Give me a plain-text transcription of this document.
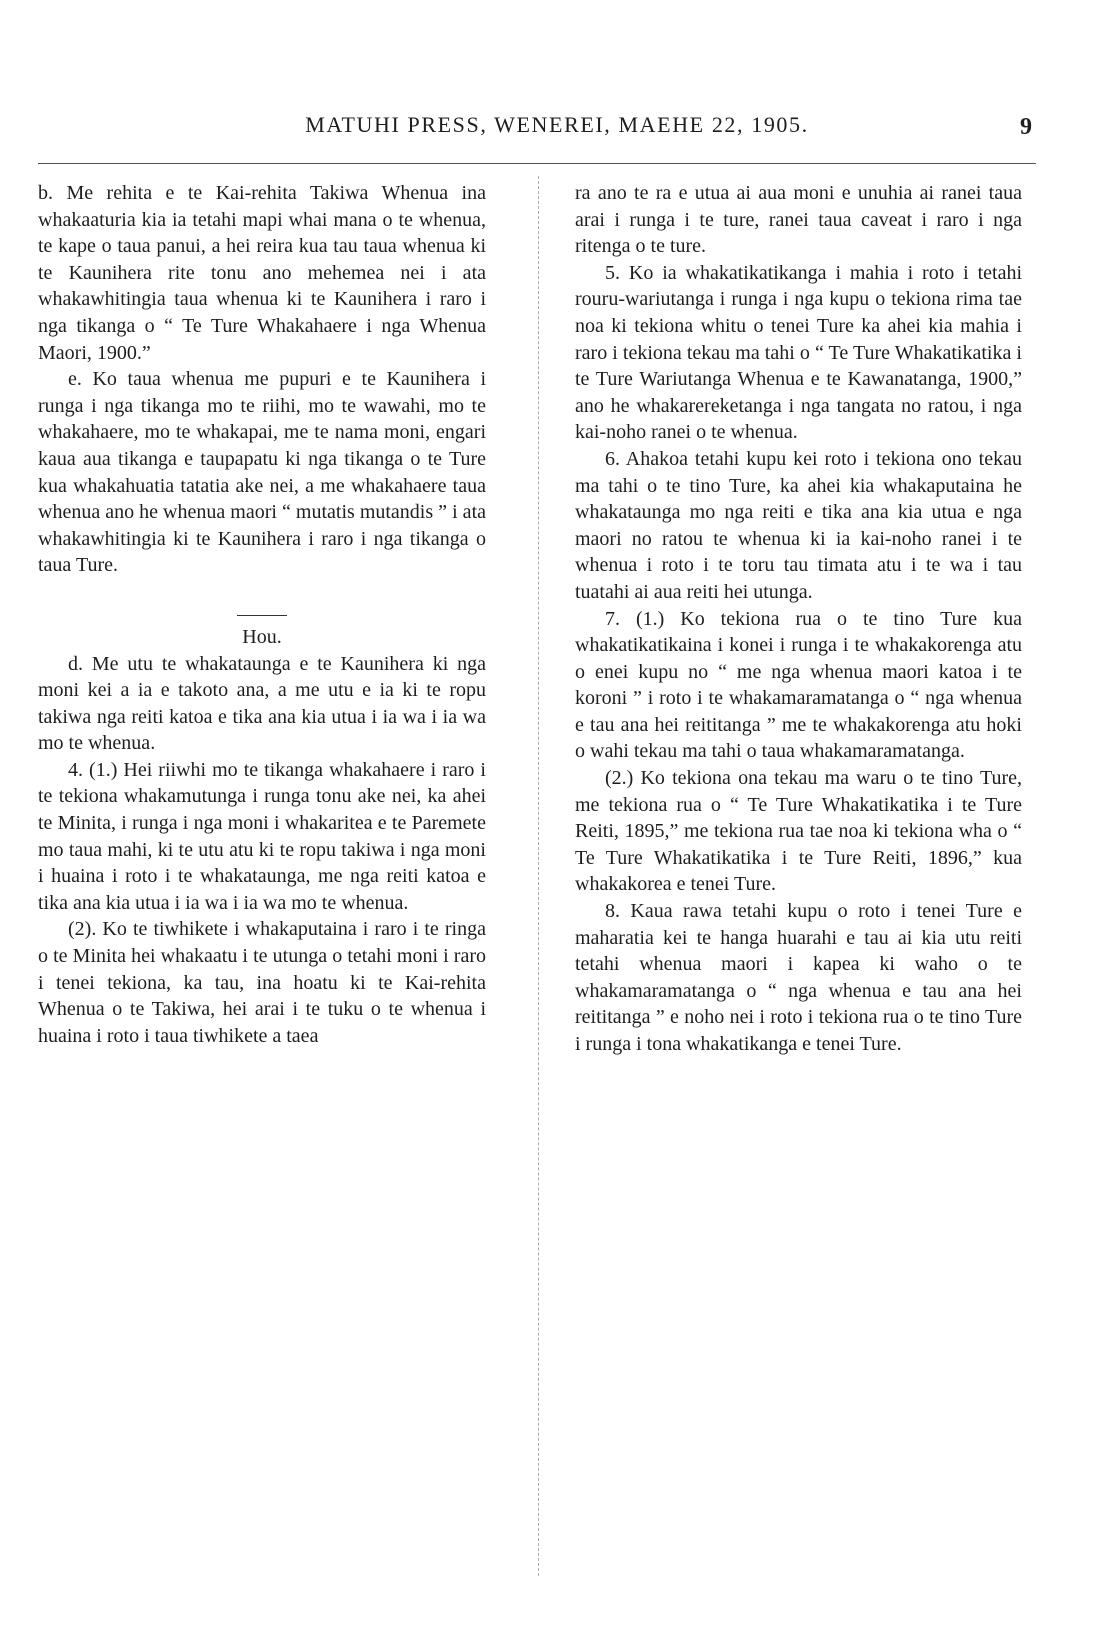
MATUHI PRESS, WENEREI, MAEHE 22, 1905.	9

b. Me rehita e te Kai-rehita Takiwa Whenua ina whakaaturia kia ia tetahi mapi whai mana o te whenua, te kape o taua panui, a hei reira kua tau taua whenua ki te Kaunihera rite tonu ano mehemea nei i ata whakawhitingia taua whenua ki te Kaunihera i raro i nga tikanga o “ Te Ture Whakahaere i nga Whenua Maori, 1900.”

e. Ko taua whenua me pupuri e te Kaunihera i runga i nga tikanga mo te riihi, mo te wawahi, mo te whakahaere, mo te whakapai, me te nama moni, engari kaua aua tikanga e taupapatu ki nga tikanga o te Ture kua whakahuatia tatatia ake nei, a me whakahaere taua whenua ano he whenua maori “ mutatis mutandis ” i ata whakawhitingia ki te Kaunihera i raro i nga tikanga o taua Ture.

Hou.

d. Me utu te whakataunga e te Kaunihera ki nga moni kei a ia e takoto ana, a me utu e ia ki te ropu takiwa nga reiti katoa e tika ana kia utua i ia wa i ia wa mo te whenua.

4. (1.) Hei riiwhi mo te tikanga whakahaere i raro i te tekiona whakamutunga i runga tonu ake nei, ka ahei te Minita, i runga i nga moni i whakaritea e te Paremete mo taua mahi, ki te utu atu ki te ropu takiwa i nga moni i huaina i roto i te whakataunga, me nga reiti katoa e tika ana kia utua i ia wa i ia wa mo te whenua.

(2). Ko te tiwhikete i whakaputaina i raro i te ringa o te Minita hei whakaatu i te utunga o tetahi moni i raro i tenei tekiona, ka tau, ina hoatu ki te Kai-rehita Whenua o te Takiwa, hei arai i te tuku o te whenua i huaina i roto i taua tiwhikete a taea

ra ano te ra e utua ai aua moni e unuhia ai ranei taua arai i runga i te ture, ranei taua caveat i raro i nga ritenga o te ture.

5. Ko ia whakatikatikanga i mahia i roto i tetahi rouru-wariutanga i runga i nga kupu o tekiona rima tae noa ki tekiona whitu o tenei Ture ka ahei kia mahia i raro i tekiona tekau ma tahi o “ Te Ture Whakatikatika i te Ture Wariutanga Whenua e te Kawanatanga, 1900,” ano he whakarereketanga i nga tangata no ratou, i nga kai-noho ranei o te whenua.

6. Ahakoa tetahi kupu kei roto i tekiona ono tekau ma tahi o te tino Ture, ka ahei kia whakaputaina he whakataunga mo nga reiti e tika ana kia utua e nga maori no ratou te whenua ki ia kai-noho ranei i te whenua i roto i te toru tau timata atu i te wa i tau tuatahi ai aua reiti hei utunga.

7. (1.) Ko tekiona rua o te tino Ture kua whakatikatikaina i konei i runga i te whakakorenga atu o enei kupu no “ me nga whenua maori katoa i te koroni ” i roto i te whakamaramatanga o “ nga whenua e tau ana hei reititanga ” me te whakakorenga atu hoki o wahi tekau ma tahi o taua whakamaramatanga.

(2.) Ko tekiona ona tekau ma waru o te tino Ture, me tekiona rua o “ Te Ture Whakatikatika i te Ture Reiti, 1895,” me tekiona rua tae noa ki tekiona wha o “ Te Ture Whakatikatika i te Ture Reiti, 1896,” kua whakakorea e tenei Ture.

8. Kaua rawa tetahi kupu o roto i tenei Ture e maharatia kei te hanga huarahi e tau ai kia utu reiti tetahi whenua maori i kapea ki waho o te whakamaramatanga o “ nga whenua e tau ana hei reititanga ” e noho nei i roto i tekiona rua o te tino Ture i runga i tona whakatikanga e tenei Ture.
